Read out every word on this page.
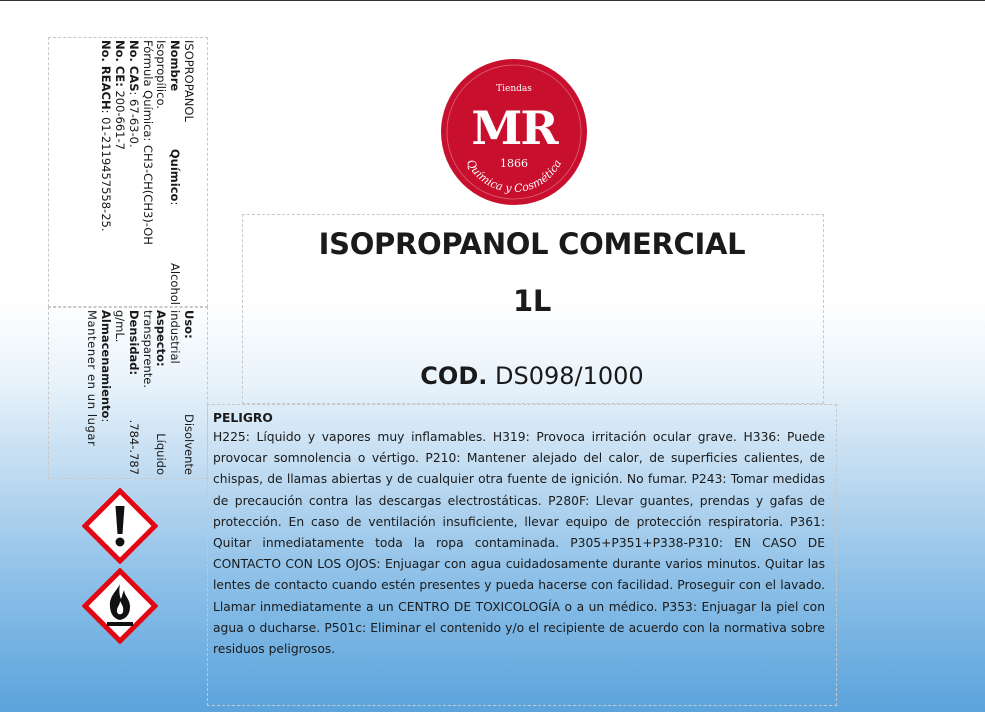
ISOPROPANOL
Nombre
Químico:
Alcohol
Isopropílico.
Fórmula Química: CH3-CH(CH3)-OH
No. CAS: 67-63-0.
No. CE: 200-661-7
No. REACH: 01-2119457558-25.
Uso:
Disolvente
industrial
Aspecto:
Líquido
transparente.
Densidad:
.784-.787
g/mL.
Almacenamiento:
Mantener en un lugar
Tiendas
MR
1866
Química y Cosmética
ISOPROPANOL COMERCIAL
1L
COD. DS098/1000
PELIGRO
H225: Líquido y vapores muy inflamables. H319: Provoca irritación ocular grave. H336: Puede provocar somnolencia o vértigo. P210: Mantener alejado del calor, de superficies calientes, de chispas, de llamas abiertas y de cualquier otra fuente de ignición. No fumar. P243: Tomar medidas de precaución contra las descargas electrostáticas. P280F: Llevar guantes, prendas y gafas de protección. En caso de ventilación insuficiente, llevar equipo de protección respiratoria. P361: Quitar inmediatamente toda la ropa contaminada. P305+P351+P338-P310: EN CASO DE CONTACTO CON LOS OJOS: Enjuagar con agua cuidadosamente durante varios minutos. Quitar las lentes de contacto cuando estén presentes y pueda hacerse con facilidad. Proseguir con el lavado. Llamar inmediatamente a un CENTRO DE TOXICOLOGÍA o a un médico. P353: Enjuagar la piel con agua o ducharse. P501c: Eliminar el contenido y/o el recipiente de acuerdo con la normativa sobre residuos peligrosos.
